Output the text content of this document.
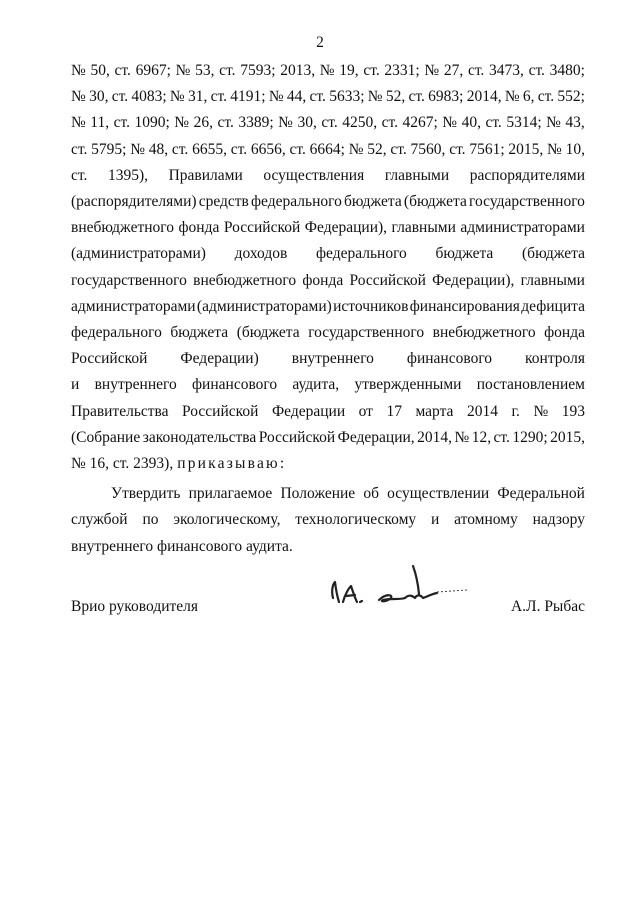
2
№ 50, ст. 6967; № 53, ст. 7593; 2013, № 19, ст. 2331; № 27, ст. 3473, ст. 3480;
№ 30, ст. 4083; № 31, ст. 4191; № 44, ст. 5633; № 52, ст. 6983; 2014, № 6, ст. 552;
№ 11, ст. 1090; № 26, ст. 3389; № 30, ст. 4250, ст. 4267; № 40, ст. 5314; № 43,
ст. 5795; № 48, ст. 6655, ст. 6656, ст. 6664; № 52, ст. 7560, ст. 7561; 2015, № 10,
ст. 1395), Правилами осуществления главными распорядителями
(распорядителями) средств федерального бюджета (бюджета государственного
внебюджетного фонда Российской Федерации), главными администраторами
(администраторами) доходов федерального бюджета (бюджета
государственного внебюджетного фонда Российской Федерации), главными
администраторами (администраторами) источников финансирования дефицита
федерального бюджета (бюджета государственного внебюджетного фонда
Российской Федерации) внутреннего финансового контроля
и внутреннего финансового аудита, утвержденными постановлением
Правительства Российской Федерации от 17 марта 2014 г. № 193
(Собрание законодательства Российской Федерации, 2014, № 12, ст. 1290; 2015,
№ 16, ст. 2393), приказываю:
Утвердить прилагаемое Положение об осуществлении Федеральной
службой по экологическому, технологическому и атомному надзору
внутреннего финансового аудита.
Врио руководителя	А.Л. Рыбас
